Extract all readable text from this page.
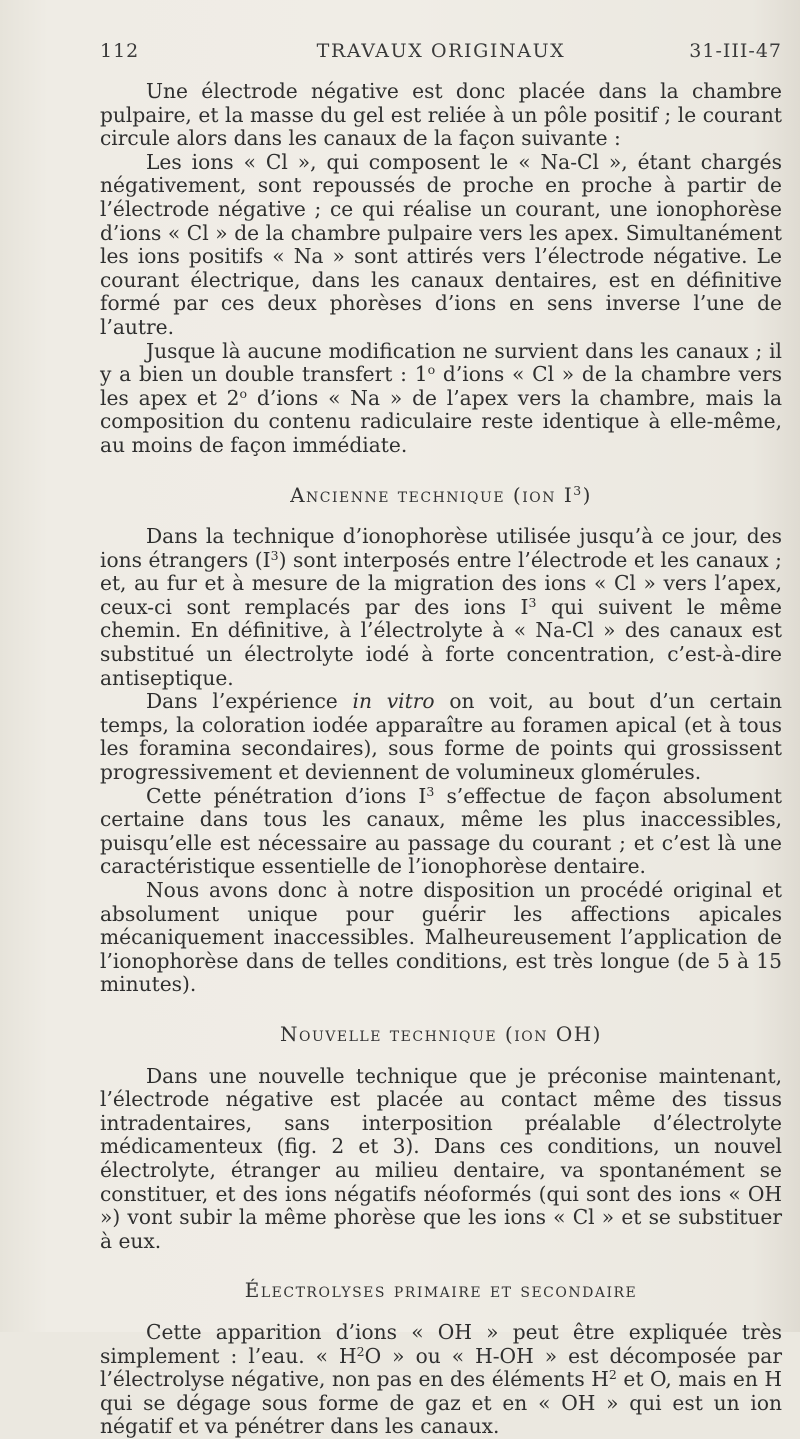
112	TRAVAUX ORIGINAUX	31-III-47

Une électrode négative est donc placée dans la chambre pulpaire, et la masse du gel est reliée à un pôle positif ; le courant circule alors dans les canaux de la façon suivante :

Les ions « Cl », qui composent le « Na-Cl », étant chargés négativement, sont repoussés de proche en proche à partir de l’électrode négative ; ce qui réalise un courant, une ionophorèse d’ions « Cl » de la chambre pulpaire vers les apex. Simultanément les ions positifs « Na » sont attirés vers l’électrode négative. Le courant électrique, dans les canaux dentaires, est en définitive formé par ces deux phorèses d’ions en sens inverse l’une de l’autre.

Jusque là aucune modification ne survient dans les canaux ; il y a bien un double transfert : 1$^o$ d’ions « Cl » de la chambre vers les apex et 2$^o$ d’ions « Na » de l’apex vers la chambre, mais la composition du contenu radiculaire reste identique à elle-même, au moins de façon immédiate.

Ancienne technique (ion $I^3$)

Dans la technique d’ionophorèse utilisée jusqu’à ce jour, des ions étrangers $(I^3)$ sont interposés entre l’électrode et les canaux ; et, au fur et à mesure de la migration des ions « Cl » vers l’apex, ceux-ci sont remplacés par des ions $I^3$ qui suivent le même chemin. En définitive, à l’électrolyte à « Na-Cl » des canaux est substitué un électrolyte iodé à forte concentration, c’est-à-dire antiseptique.

Dans l’expérience in vitro on voit, au bout d’un certain temps, la coloration iodée apparaître au foramen apical (et à tous les foramina secondaires), sous forme de points qui grossissent progressivement et deviennent de volumineux glomérules.

Cette pénétration d’ions $I^3$ s’effectue de façon absolument certaine dans tous les canaux, même les plus inaccessibles, puisqu’elle est nécessaire au passage du courant ; et c’est là une caractéristique essentielle de l’ionophorèse dentaire.

Nous avons donc à notre disposition un procédé original et absolument unique pour guérir les affections apicales mécaniquement inaccessibles. Malheureusement l’application de l’ionophorèse dans de telles conditions, est très longue (de 5 à 15 minutes).

Nouvelle technique (ion OH)

Dans une nouvelle technique que je préconise maintenant, l’électrode négative est placée au contact même des tissus intradentaires, sans interposition préalable d’électrolyte médicamenteux (fig. 2 et 3). Dans ces conditions, un nouvel électrolyte, étranger au milieu dentaire, va spontanément se constituer, et des ions négatifs néoformés (qui sont des ions « OH ») vont subir la même phorèse que les ions « Cl » et se substituer à eux.

Électrolyses primaire et secondaire

Cette apparition d’ions « OH » peut être expliquée très simplement : l’eau. « $H^2O$ » ou « H-OH » est décomposée par l’électrolyse négative, non pas en des éléments $H^2$ et O, mais en H qui se dégage sous forme de gaz et en « OH » qui est un ion négatif et va pénétrer dans les canaux.
